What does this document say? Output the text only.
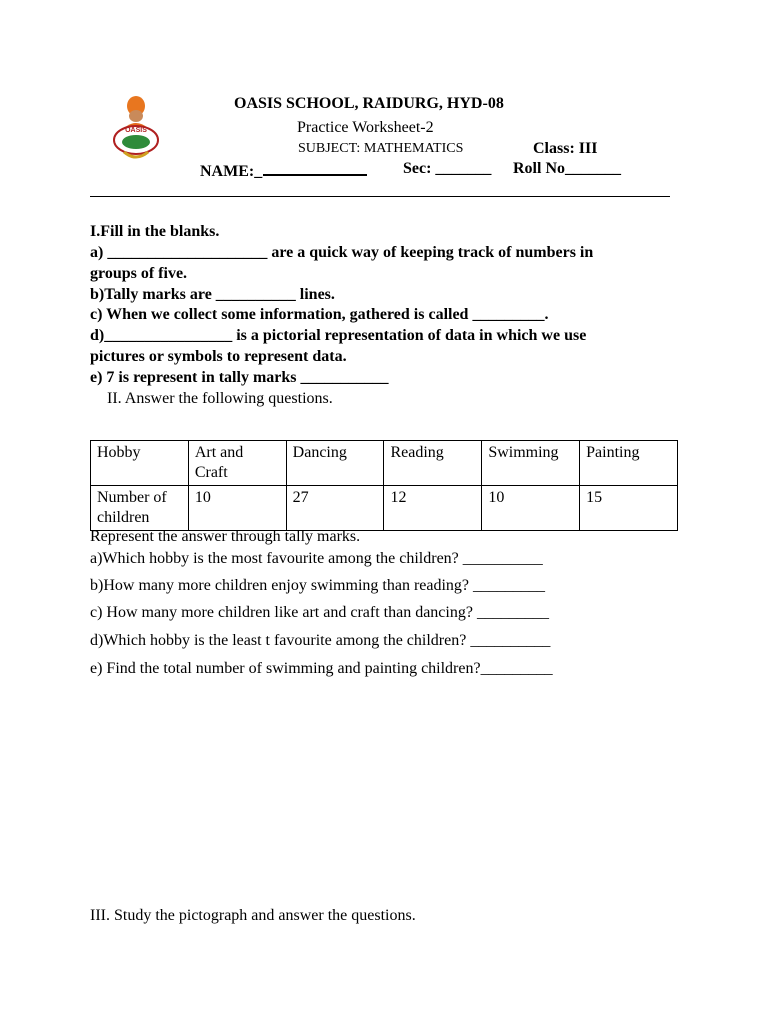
OASIS
OASIS SCHOOL, RAIDURG, HYD-08
Practice Worksheet-2
SUBJECT: MATHEMATICS	Class: III
NAME:_	Sec: _______ Roll No_______
I.Fill in the blanks.
a) ____________________ are a quick way of keeping track of numbers in
groups of five.
b)Tally marks are __________ lines.
c) When we collect some information, gathered is called _________.
d)________________ is a pictorial representation of data in which we use
pictures or symbols to represent data.
e) 7 is represent in tally marks ___________
II. Answer the following questions.
Hobby	Art and Craft	Dancing	Reading	Swimming	Painting
Number of children	10	27	12	10	15
Represent the answer through tally marks.
a)Which hobby is the most favourite among the children? __________
b)How many more children enjoy swimming than reading? _________
c) How many more children like art and craft than dancing? _________
d)Which hobby is the least t favourite among the children? __________
e) Find the total number of swimming and painting children?_________
III. Study the pictograph and answer the questions.
